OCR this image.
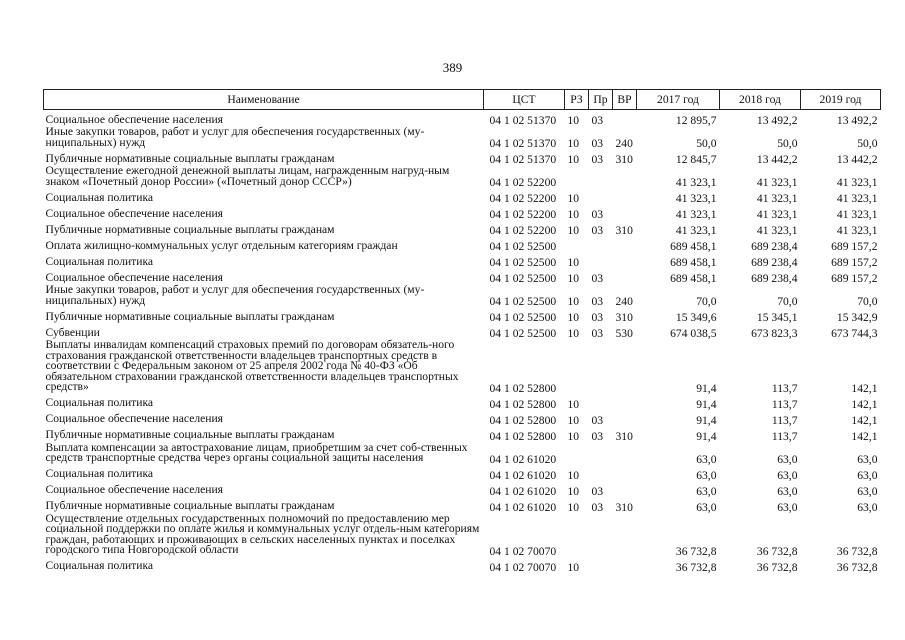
389
Наименование	ЦСТ	РЗ	Пр	ВР	2017 год	2018 год	2019 год
Социальное обеспечение населения	04 1 02 51370	10	03		12 895,7	13 492,2	13 492,2
Иные закупки товаров, работ и услуг для обеспечения государственных (му-ниципальных) нужд	04 1 02 51370	10	03	240	50,0	50,0	50,0
Публичные нормативные социальные выплаты гражданам	04 1 02 51370	10	03	310	12 845,7	13 442,2	13 442,2
Осуществление ежегодной денежной выплаты лицам, награжденным нагруд-ным знаком «Почетный донор России» («Почетный донор СССР»)	04 1 02 52200				41 323,1	41 323,1	41 323,1
Социальная политика	04 1 02 52200	10			41 323,1	41 323,1	41 323,1
Социальное обеспечение населения	04 1 02 52200	10	03		41 323,1	41 323,1	41 323,1
Публичные нормативные социальные выплаты гражданам	04 1 02 52200	10	03	310	41 323,1	41 323,1	41 323,1
Оплата жилищно-коммунальных услуг отдельным категориям граждан	04 1 02 52500				689 458,1	689 238,4	689 157,2
Социальная политика	04 1 02 52500	10			689 458,1	689 238,4	689 157,2
Социальное обеспечение населения	04 1 02 52500	10	03		689 458,1	689 238,4	689 157,2
Иные закупки товаров, работ и услуг для обеспечения государственных (му-ниципальных) нужд	04 1 02 52500	10	03	240	70,0	70,0	70,0
Публичные нормативные социальные выплаты гражданам	04 1 02 52500	10	03	310	15 349,6	15 345,1	15 342,9
Субвенции	04 1 02 52500	10	03	530	674 038,5	673 823,3	673 744,3
Выплаты инвалидам компенсаций страховых премий по договорам обязатель-ного страхования гражданской ответственности владельцев транспортных средств в соответствии с Федеральным законом от 25 апреля 2002 года № 40-ФЗ «Об обязательном страховании гражданской ответственности владельцев транспортных средств»	04 1 02 52800				91,4	113,7	142,1
Социальная политика	04 1 02 52800	10			91,4	113,7	142,1
Социальное обеспечение населения	04 1 02 52800	10	03		91,4	113,7	142,1
Публичные нормативные социальные выплаты гражданам	04 1 02 52800	10	03	310	91,4	113,7	142,1
Выплата компенсации за автострахование лицам, приобретшим за счет соб-ственных средств транспортные средства через органы социальной защиты населения	04 1 02 61020				63,0	63,0	63,0
Социальная политика	04 1 02 61020	10			63,0	63,0	63,0
Социальное обеспечение населения	04 1 02 61020	10	03		63,0	63,0	63,0
Публичные нормативные социальные выплаты гражданам	04 1 02 61020	10	03	310	63,0	63,0	63,0
Осуществление отдельных государственных полномочий по предоставлению мер социальной поддержки по оплате жилья и коммунальных услуг отдель-ным категориям граждан, работающих и проживающих в сельских населенных пунктах и поселках городского типа Новгородской области	04 1 02 70070				36 732,8	36 732,8	36 732,8
Социальная политика	04 1 02 70070	10			36 732,8	36 732,8	36 732,8
